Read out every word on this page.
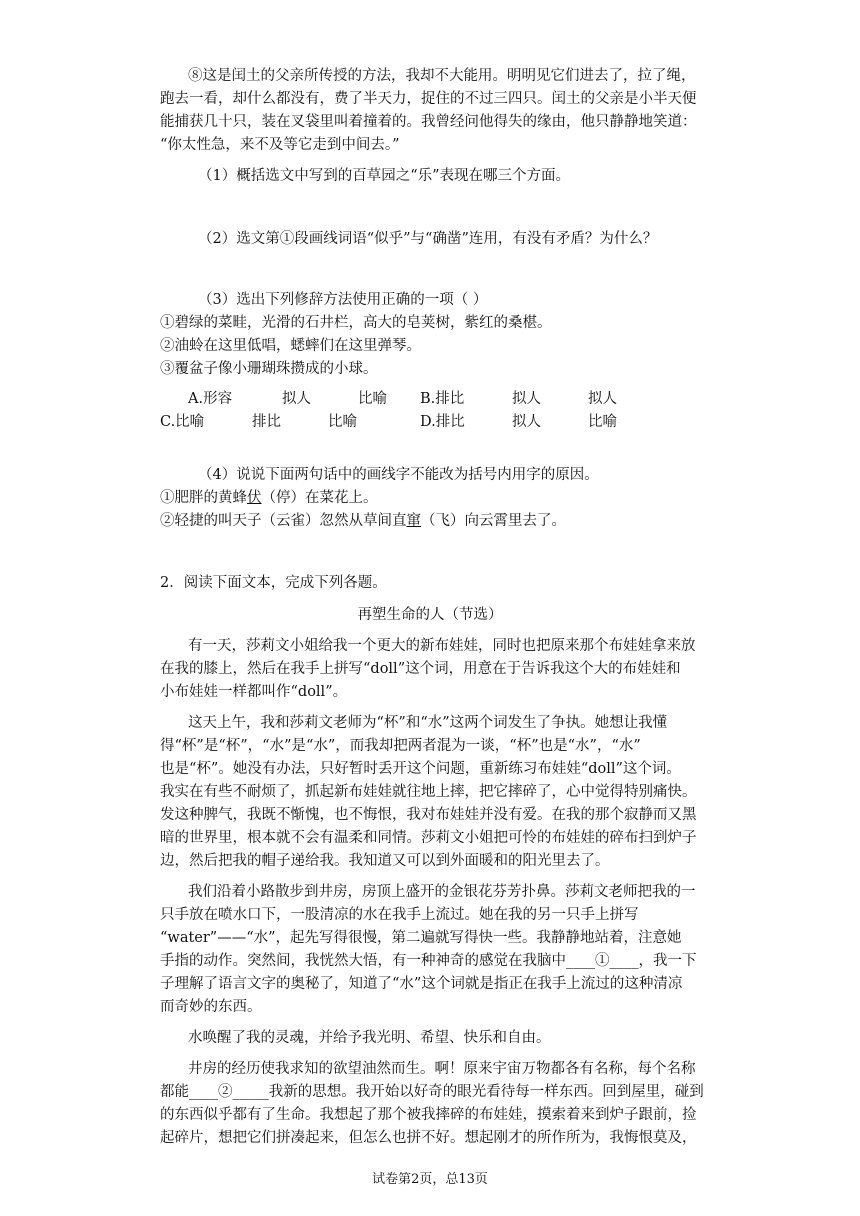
⑧这是闰土的父亲所传授的方法，我却不大能用。明明见它们进去了，拉了绳，
跑去一看，却什么都没有，费了半天力，捉住的不过三四只。闰土的父亲是小半天便
能捕获几十只，装在叉袋里叫着撞着的。我曾经问他得失的缘由，他只静静地笑道：
“你太性急，来不及等它走到中间去。”
（1）概括选文中写到的百草园之“乐”表现在哪三个方面。
（2）选文第①段画线词语“似乎”与“确凿”连用，有没有矛盾？为什么？
（3）选出下列修辞方法使用正确的一项（ ）
①碧绿的菜畦，光滑的石井栏，高大的皂荚树，紫红的桑椹。
②油蛉在这里低唱，蟋蟀们在这里弹琴。
③覆盆子像小珊瑚珠攒成的小球。
A.形容	拟人	比喻 B.排比	拟人	拟人
C.比喻	排比	比喻	D.排比	拟人	比喻
（4）说说下面两句话中的画线字不能改为括号内用字的原因。
①肥胖的黄蜂伏（停）在菜花上。
②轻捷的叫天子（云雀）忽然从草间直窜（飞）向云霄里去了。
2．阅读下面文本，完成下列各题。
再塑生命的人（节选）
有一天，莎莉文小姐给我一个更大的新布娃娃，同时也把原来那个布娃娃拿来放
在我的膝上，然后在我手上拼写“doll”这个词，用意在于告诉我这个大的布娃娃和
小布娃娃一样都叫作“doll”。
这天上午，我和莎莉文老师为“杯”和“水”这两个词发生了争执。她想让我懂
得“杯”是“杯”，“水”是“水”，而我却把两者混为一谈，“杯”也是“水”，“水”
也是“杯”。她没有办法，只好暂时丢开这个问题，重新练习布娃娃“doll”这个词。
我实在有些不耐烦了，抓起新布娃娃就往地上摔，把它摔碎了，心中觉得特别痛快。
发这种脾气，我既不惭愧，也不悔恨，我对布娃娃并没有爱。在我的那个寂静而又黑
暗的世界里，根本就不会有温柔和同情。莎莉文小姐把可怜的布娃娃的碎布扫到炉子
边，然后把我的帽子递给我。我知道又可以到外面暖和的阳光里去了。
我们沿着小路散步到井房，房顶上盛开的金银花芬芳扑鼻。莎莉文老师把我的一
只手放在喷水口下，一股清凉的水在我手上流过。她在我的另一只手上拼写
“water”——“水”，起先写得很慢，第二遍就写得快一些。我静静地站着，注意她
手指的动作。突然间，我恍然大悟，有一种神奇的感觉在我脑中____①____，我一下
子理解了语言文字的奥秘了，知道了“水”这个词就是指正在我手上流过的这种清凉
而奇妙的东西。
水唤醒了我的灵魂，并给予我光明、希望、快乐和自由。
井房的经历使我求知的欲望油然而生。啊！原来宇宙万物都各有名称，每个名称
都能____②_____我新的思想。我开始以好奇的眼光看待每一样东西。回到屋里，碰到
的东西似乎都有了生命。我想起了那个被我摔碎的布娃娃，摸索着来到炉子跟前，捡
起碎片，想把它们拼凑起来，但怎么也拼不好。想起刚才的所作所为，我悔恨莫及，
试卷第2页，总13页
